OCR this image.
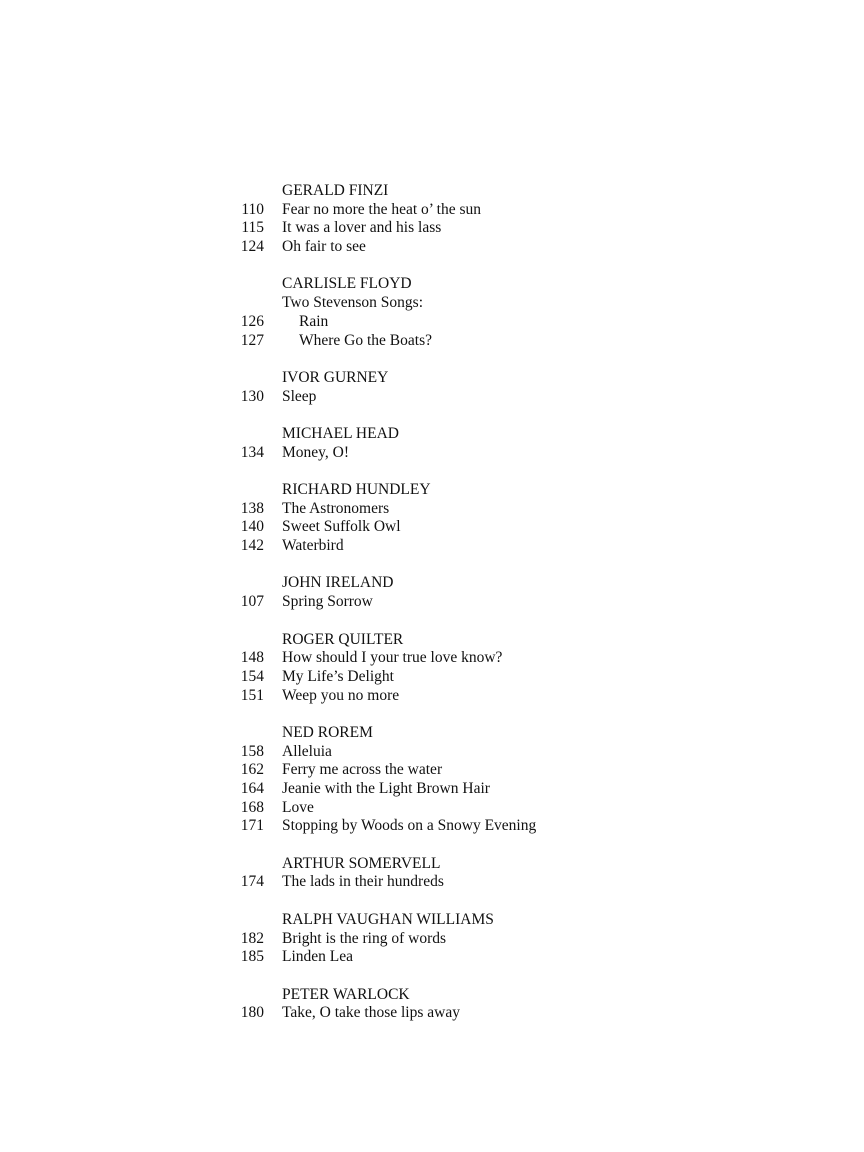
GERALD FINZI
110 Fear no more the heat o’ the sun
115 It was a lover and his lass
124 Oh fair to see
CARLISLE FLOYD
Two Stevenson Songs:
126 Rain
127 Where Go the Boats?
IVOR GURNEY
130 Sleep
MICHAEL HEAD
134 Money, O!
RICHARD HUNDLEY
138 The Astronomers
140 Sweet Suffolk Owl
142 Waterbird
JOHN IRELAND
107 Spring Sorrow
ROGER QUILTER
148 How should I your true love know?
154 My Life’s Delight
151 Weep you no more
NED ROREM
158 Alleluia
162 Ferry me across the water
164 Jeanie with the Light Brown Hair
168 Love
171 Stopping by Woods on a Snowy Evening
ARTHUR SOMERVELL
174 The lads in their hundreds
RALPH VAUGHAN WILLIAMS
182 Bright is the ring of words
185 Linden Lea
PETER WARLOCK
180 Take, O take those lips away
